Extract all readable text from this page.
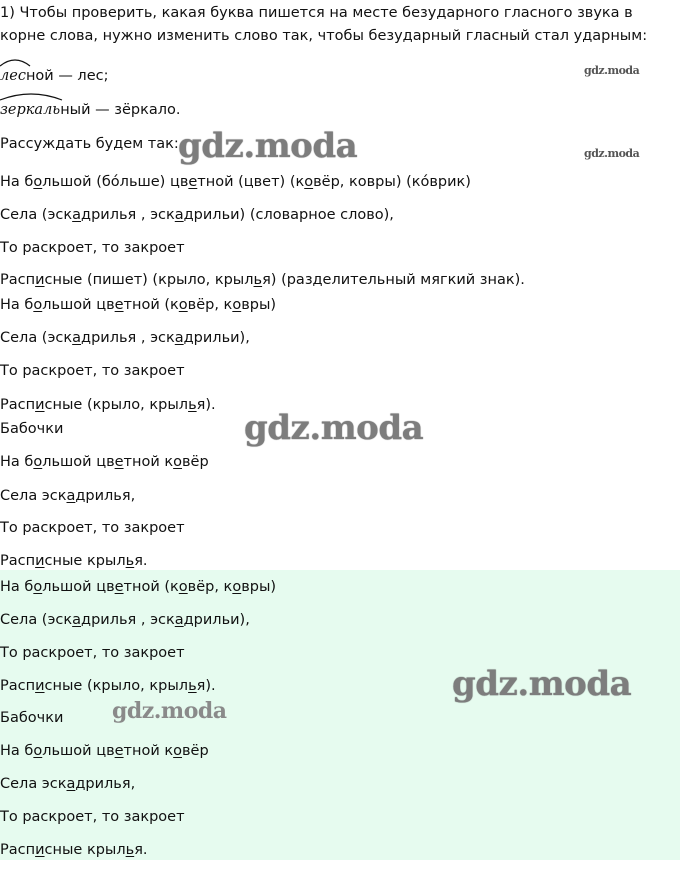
gdz.moda
gdz.moda
1) Чтобы проверить, какая буква пишется на месте безударного гласного звука в корне слова, нужно изменить слово так, чтобы безударный гласный стал ударным:
лесной — лес;
зеркальный — зёркало.
Рассуждать будем так: gdz.moda
На большой (бóльше) цветной (цвет) (ковёр, ковры) (кóврик)
Села (эскадрилья , эскадрильи) (словарное слово),
То раскроет, то закроет
Расписные (пишет) (крыло, крылья) (разделительный мягкий знак).
На большой цветной (ковёр, ковры)
Села (эскадрилья , эскадрильи),
То раскроет, то закроет
Расписные (крыло, крылья).
Бабочки	gdz.moda
На большой цветной ковёр
Села эскадрилья,
То раскроет, то закроет
Расписные крылья.
На большой цветной (ковёр, ковры)
Села (эскадрилья , эскадрильи),
То раскроет, то закроет
Расписные (крыло, крылья).	gdz.moda
Бабочки gdz.moda
На большой цветной ковёр
Села эскадрилья,
То раскроет, то закроет
Расписные крылья.
